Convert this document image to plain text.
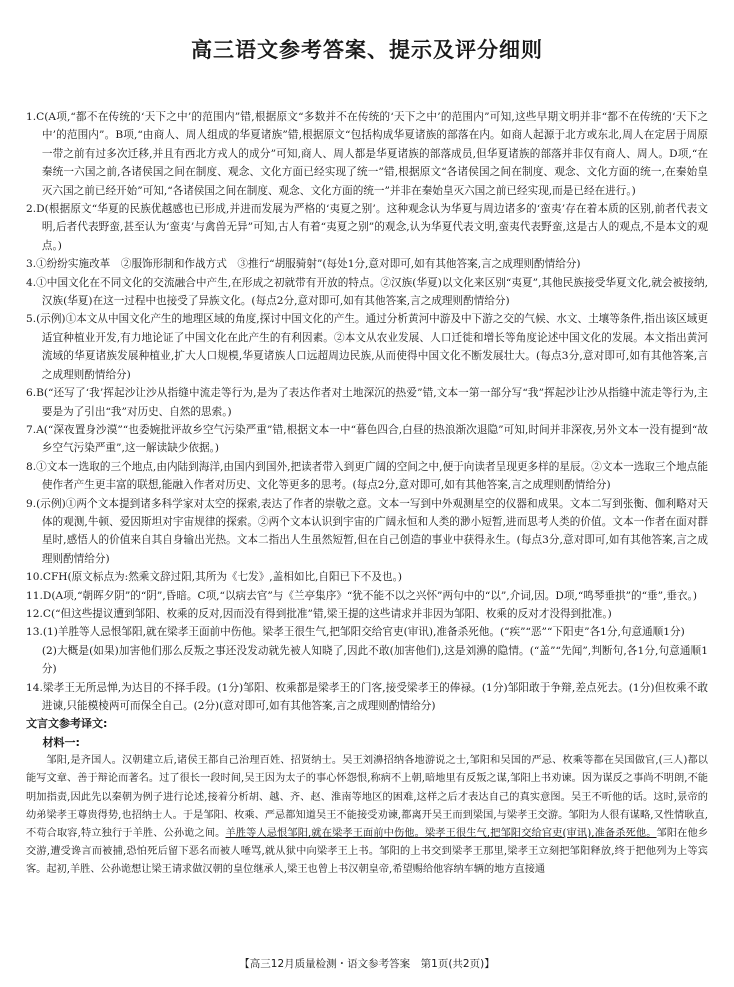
高三语文参考答案、提示及评分细则

1.C(A项,“都不在传统的‘天下之中’的范围内”错,根据原文“多数并不在传统的‘天下之中’的范围内”可知,这些早期文明并非“都不在传统的‘天下之中’的范围内”。B项,“由商人、周人组成的华夏诸族”错,根据原文“包括构成华夏诸族的部落在内。如商人起源于北方或东北,周人在定居于周原一带之前有过多次迁移,并且有西北方戎人的成分”可知,商人、周人都是华夏诸族的部落成员,但华夏诸族的部落并非仅有商人、周人。D项,“在秦统一六国之前,各诸侯国之间在制度、观念、文化方面已经实现了统一”错,根据原文“各诸侯国之间在制度、观念、文化方面的统一,在秦始皇灭六国之前已经开始”可知,“各诸侯国之间在制度、观念、文化方面的统一”并非在秦始皇灭六国之前已经实现,而是已经在进行。)

2.D(根据原文“华夏的民族优越感也已形成,并进而发展为严格的‘夷夏之别’。这种观念认为华夏与周边诸多的‘蛮夷’存在着本质的区别,前者代表文明,后者代表野蛮,甚至认为‘蛮夷’与禽兽无异”可知,古人有着“夷夏之别”的观念,认为华夏代表文明,蛮夷代表野蛮,这是古人的观点,不是本文的观点。)

3.①纷纷实施改革　②服饰形制和作战方式　③推行“胡服骑射”(每处1分,意对即可,如有其他答案,言之成理则酌情给分)

4.①中国文化在不同文化的交流融合中产生,在形成之初就带有开放的特点。②汉族(华夏)以文化来区别“夷夏”,其他民族接受华夏文化,就会被接纳,汉族(华夏)在这一过程中也接受了异族文化。(每点2分,意对即可,如有其他答案,言之成理则酌情给分)

5.(示例)①本文从中国文化产生的地理区域的角度,探讨中国文化的产生。通过分析黄河中游及中下游之交的气候、水文、土壤等条件,指出该区域更适宜种植业开发,有力地论证了中国文化在此产生的有利因素。②本文从农业发展、人口迁徙和增长等角度论述中国文化的发展。本文指出黄河流域的华夏诸族发展种植业,扩大人口规模,华夏诸族人口远超周边民族,从而使得中国文化不断发展壮大。(每点3分,意对即可,如有其他答案,言之成理则酌情给分)

6.B(“还写了‘我’挥起沙让沙从指缝中流走等行为,是为了表达作者对土地深沉的热爱”错,文本一第一部分写“我”挥起沙让沙从指缝中流走等行为,主要是为了引出“我”对历史、自然的思索。)

7.A(“深夜置身沙漠”“也委婉批评故乡空气污染严重”错,根据文本一中“暮色四合,白昼的热浪渐次退隐”可知,时间并非深夜,另外文本一没有提到“故乡空气污染严重”,这一解读缺少依据。)

8.①文本一选取的三个地点,由内陆到海洋,由国内到国外,把读者带入到更广阔的空间之中,便于向读者呈现更多样的星辰。②文本一选取三个地点能使作者产生更丰富的联想,能融入作者对历史、文化等更多的思考。(每点2分,意对即可,如有其他答案,言之成理则酌情给分)

9.(示例)①两个文本提到诸多科学家对太空的探索,表达了作者的崇敬之意。文本一写到中外观测星空的仪器和成果。文本二写到张衡、伽利略对天体的观测,牛顿、爱因斯坦对宇宙规律的探索。②两个文本认识到宇宙的广阔永恒和人类的渺小短暂,进而思考人类的价值。文本一作者在面对群星时,感悟人的价值来自其自身输出光热。文本二指出人生虽然短暂,但在自己创造的事业中获得永生。(每点3分,意对即可,如有其他答案,言之成理则酌情给分)

10.CFH(原文标点为:然乘文辞过阳,其所为《七发》,盖相如比,自阳已下不及也。)

11.D(A项,“朝晖夕阴”的“阴”,昏暗。C项,“以病去官”与《兰亭集序》“犹不能不以之兴怀”两句中的“以”,介词,因。D项,“鸣琴垂拱”的“垂”,垂衣。)

12.C(“但这些提议遭到邹阳、枚乘的反对,因而没有得到批准”错,梁王提的这些请求并非因为邹阳、枚乘的反对才没得到批准。)

13.(1)羊胜等人忌恨邹阳,就在梁孝王面前中伤他。梁孝王很生气,把邹阳交给官吏(审讯),准备杀死他。(“疾”“恶”“下阳吏”各1分,句意通顺1分)

(2)大概是(如果)加害他们那么反叛之事还没发动就先被人知晓了,因此不敢(加害他们),这是刘濞的隐情。(“盖”“先闻”,判断句,各1分,句意通顺1分)

14.梁孝王无所忌惮,为达目的不择手段。(1分)邹阳、枚乘都是梁孝王的门客,接受梁孝王的俸禄。(1分)邹阳敢于争辩,差点死去。(1分)但枚乘不敢进谏,只能模棱两可而保全自己。(2分)(意对即可,如有其他答案,言之成理则酌情给分)

文言文参考译文:

材料一:

邹阳,是齐国人。汉朝建立后,诸侯王都自己治理百姓、招贤纳士。吴王刘濞招纳各地游说之士,邹阳和吴国的严忌、枚乘等都在吴国做官,(三人)都以能写文章、善于辩论而著名。过了很长一段时间,吴王因为太子的事心怀怨恨,称病不上朝,暗地里有反叛之谋,邹阳上书劝谏。因为谋反之事尚不明朗,不能明加指责,因此先以秦朝为例子进行论述,接着分析胡、越、齐、赵、淮南等地区的困难,这样之后才表达自己的真实意图。吴王不听他的话。这时,景帝的幼弟梁孝王尊贵得势,也招纳士人。于是邹阳、枚乘、严忌都知道吴王不能接受劝谏,都离开吴王而到梁国,与梁孝王交游。邹阳为人很有谋略,又性情耿直,不苟合取容,特立独行于羊胜、公孙诡之间。羊胜等人忌恨邹阳,就在梁孝王面前中伤他。梁孝王很生气,把邹阳交给官吏(审讯),准备杀死他。邹阳在他乡交游,遭受谗言而被捕,恐怕死后留下恶名而被人唾骂,就从狱中向梁孝王上书。邹阳的上书交到梁孝王那里,梁孝王立刻把邹阳释放,终于把他列为上等宾客。起初,羊胜、公孙诡想让梁王请求做汉朝的皇位继承人,梁王也曾上书汉朝皇帝,希望赐给他容纳车辆的地方直接通

【高三12月质量检测・语文参考答案　第1页(共2页)】
